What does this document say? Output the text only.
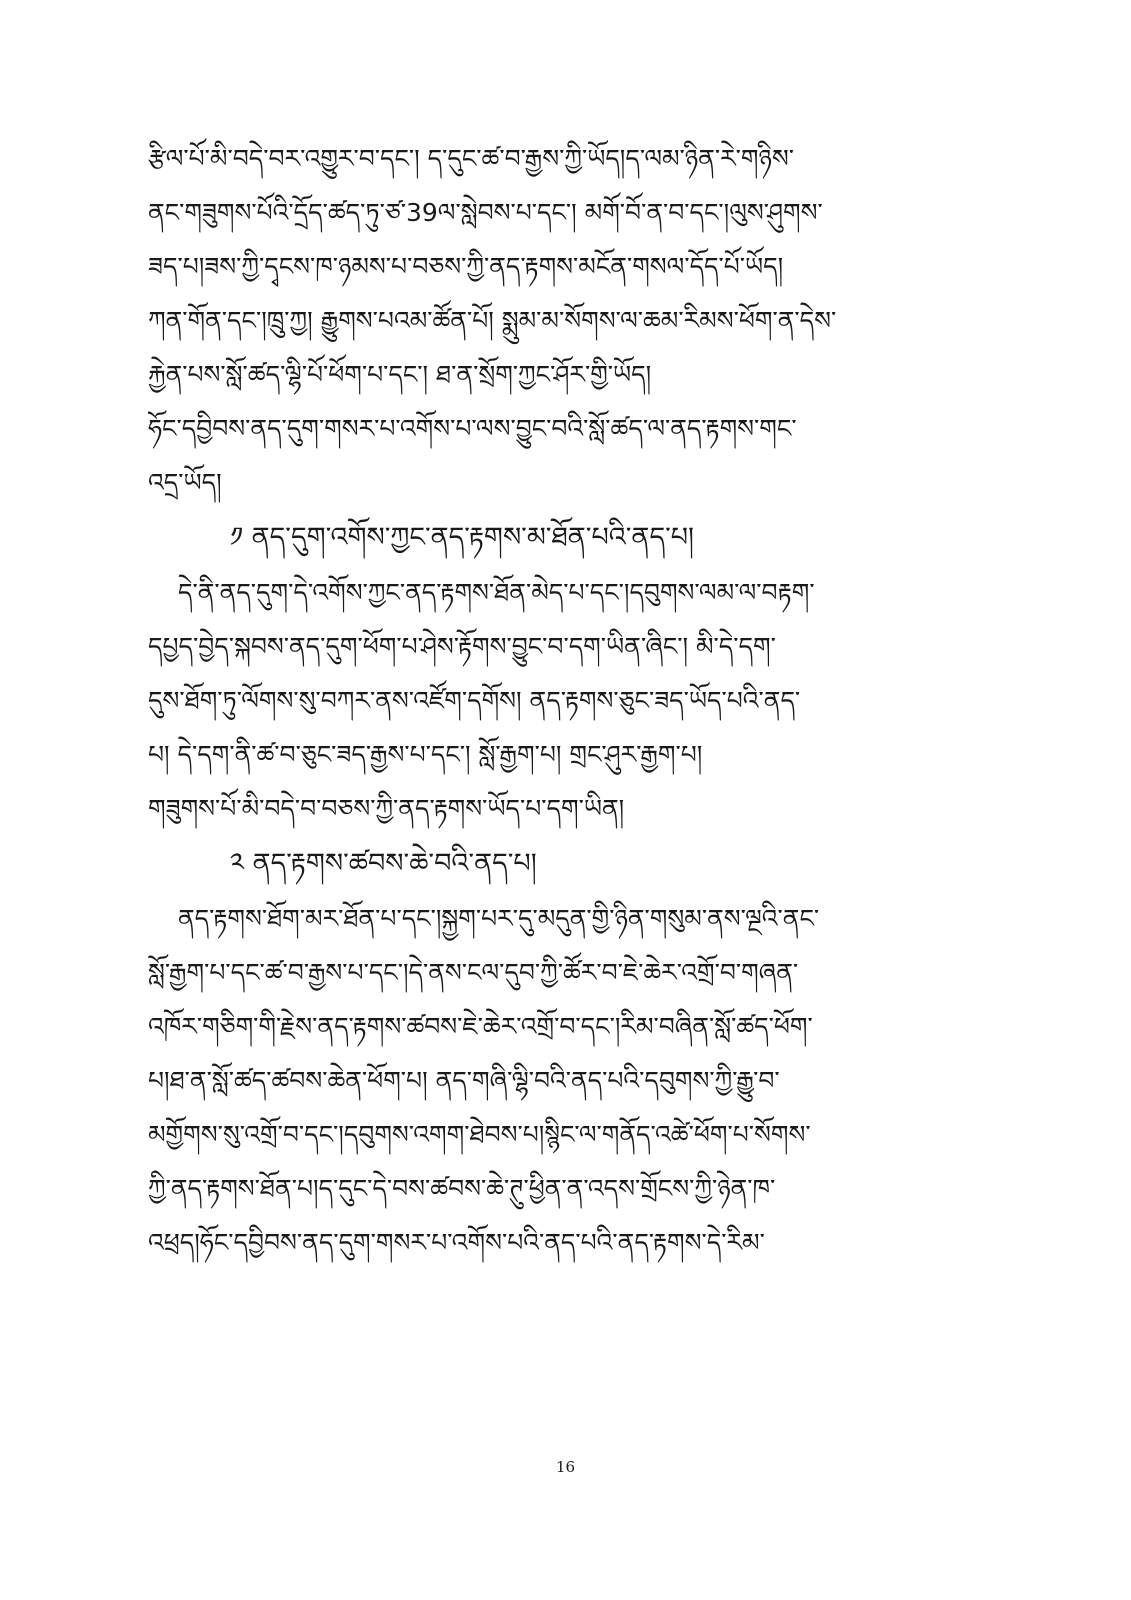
རྩིལ་པོ་མི་བདེ་བར་འགྱུར་བ་དང་། ད་དུང་ཚ་བ་རྒྱས་ཀྱི་ཡོད།ད་ལམ་ཉིན་རེ་གཉིས་
ནང་གཟུགས་པོའི་དྲོད་ཚད་ཏུ་ཙ་39ལ་སླེབས་པ་དང་། མགོ་བོ་ན་བ་དང་།ལུས་ཤུགས་
ཟད་པ།ཟས་ཀྱི་དྭངས་ཁ་ཉམས་པ་བཅས་ཀྱི་ནད་རྟགས་མངོན་གསལ་དོད་པོ་ཡོད།
ཀན་གོན་དང་།ཁྲུ་ཀྱ། རྒྱུགས་པའམ་ཚོན་པོ། སྨུམ་མ་སོགས་ལ་ཆམ་རིམས་ཕོག་ན་དེས་
རྐྱེན་པས་སློ་ཚད་ལྷི་པོ་ཕོག་པ་དང་། ཐ་ན་སྲོག་ཀྱང་ཤོར་གྱི་ཡོད།
ཧོང་དབྱིབས་ནད་དུག་གསར་པ་འགོས་པ་ལས་བྱུང་བའི་སློ་ཚད་ལ་ནད་རྟགས་གང་
འདྲ་ཡོད།
༡ ནད་དུག་འགོས་ཀྱང་ནད་རྟགས་མ་ཐོན་པའི་ནད་པ།
དེ་ནི་ནད་དུག་དེ་འགོས་ཀྱང་ནད་རྟགས་ཐོན་མེད་པ་དང་།དབུགས་ལམ་ལ་བརྟག་
དཔྱད་བྱེད་སྐབས་ནད་དུག་ཕོག་པ་ཤེས་རྟོགས་བྱུང་བ་དག་ཡིན་ཞིང་། མི་དེ་དག་
དུས་ཐོག་ཏུ་ལོགས་སུ་བཀར་ནས་འཛོག་དགོས། ནད་རྟགས་ཅུང་ཟད་ཡོད་པའི་ནད་
པ། དེ་དག་ནི་ཚ་བ་ཅུང་ཟད་རྒྱས་པ་དང་། སློ་རྒྱག་པ། གྲང་ཤུར་རྒྱག་པ།
གཟུགས་པོ་མི་བདེ་བ་བཅས་ཀྱི་ནད་རྟགས་ཡོད་པ་དག་ཡིན།
༢ ནད་རྟགས་ཚབས་ཆེ་བའི་ནད་པ།
ནད་རྟགས་ཐོག་མར་ཐོན་པ་དང་།སྐྱག་པར་དུ་མདུན་གྱི་ཉིན་གསུམ་ནས་ལྔའི་ནང་
སློ་རྒྱག་པ་དང་ཚ་བ་རྒྱས་པ་དང་།དེ་ནས་ངལ་དུབ་ཀྱི་ཚོར་བ་ཇེ་ཆེར་འགྲོ་བ་གཞན་
འཁོར་གཅིག་གི་རྗེས་ནད་རྟགས་ཚབས་ཇེ་ཆེར་འགྲོ་བ་དང་།རིམ་བཞིན་སློ་ཚད་ཕོག་
པ།ཐ་ན་སློ་ཚད་ཚབས་ཆེན་ཕོག་པ། ནད་གཞི་ལྷི་བའི་ནད་པའི་དབུགས་ཀྱི་རྒྱུ་བ་
མགྱོགས་སུ་འགྲོ་བ་དང་།དབུགས་འགག་ཐེབས་པ།སྙིང་ལ་གནོད་འཚེ་ཕོག་པ་སོགས་
ཀྱི་ནད་རྟགས་ཐོན་པ།ད་དུང་དེ་བས་ཚབས་ཆེ་ཊུ་ཕྱིན་ན་འདས་གྲོངས་ཀྱི་ཉེན་ཁ་
འཕྲད།ཧོང་དབྱིབས་ནད་དུག་གསར་པ་འགོས་པའི་ནད་པའི་ནད་རྟགས་དེ་རིམ་
16
